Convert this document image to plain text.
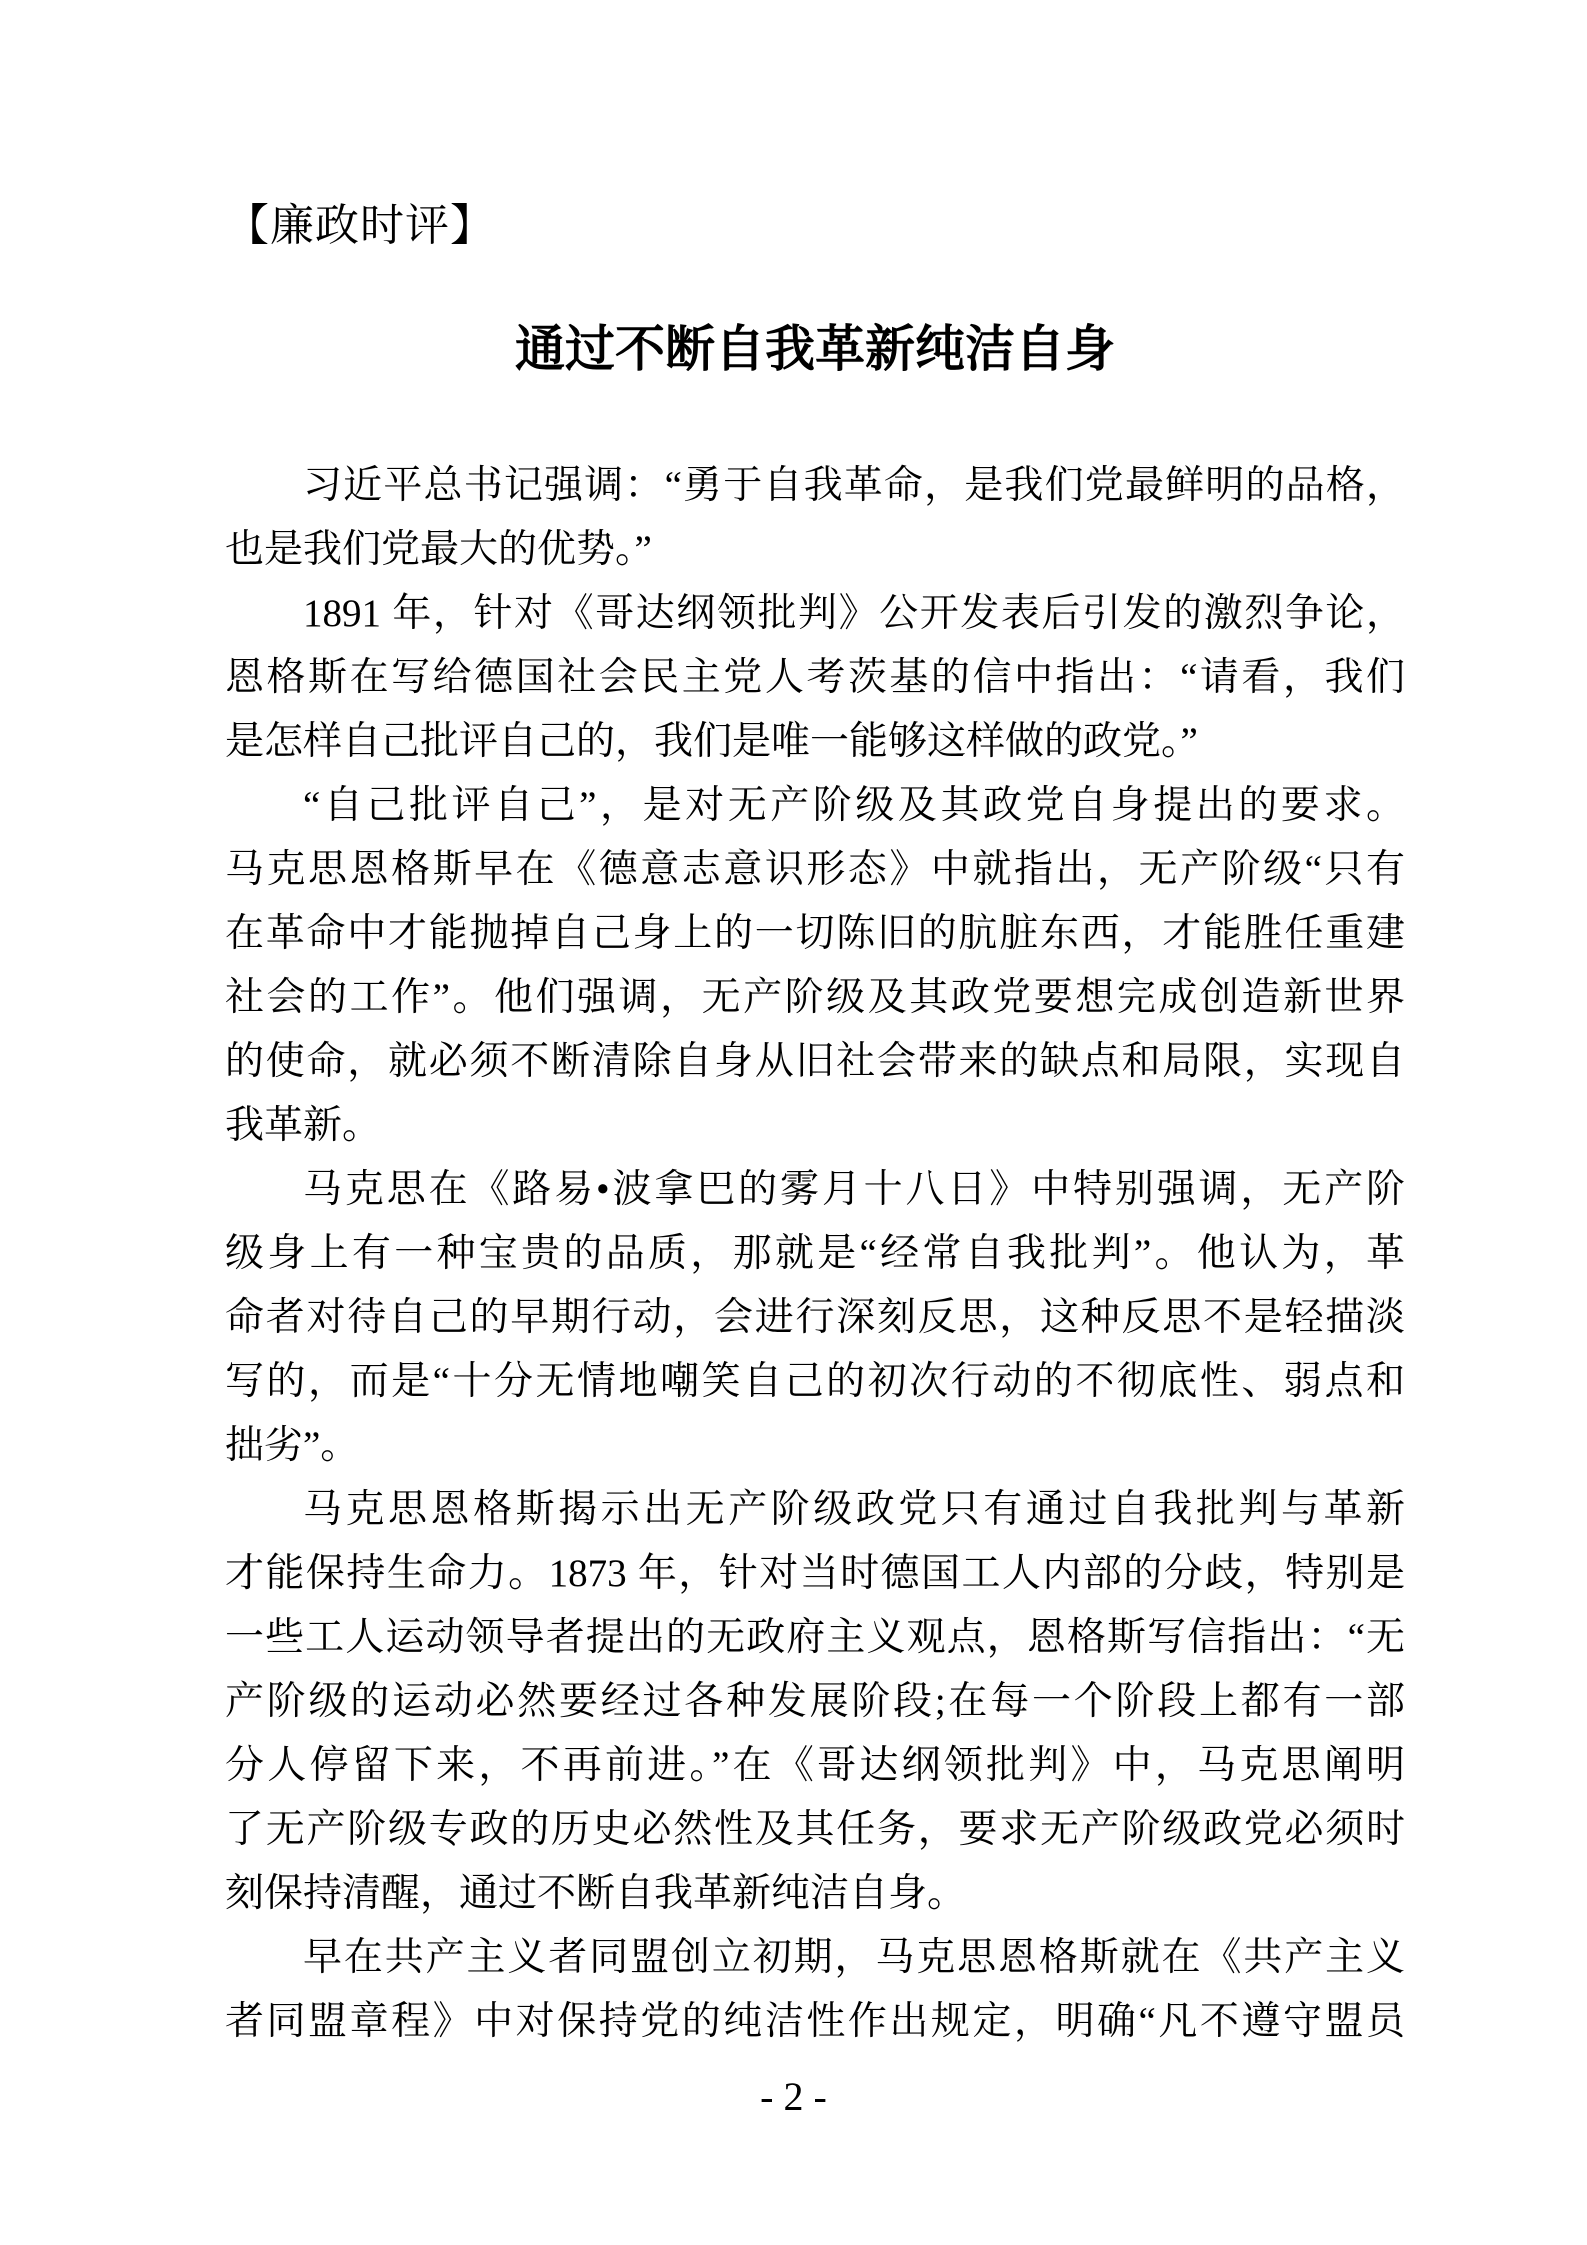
【廉政时评】
通过不断自我革新纯洁自身
习近平总书记强调：“勇于自我革命，是我们党最鲜明的品格，
也是我们党最大的优势。”
1891 年，针对《哥达纲领批判》公开发表后引发的激烈争论，
恩格斯在写给德国社会民主党人考茨基的信中指出：“请看，我们
是怎样自己批评自己的，我们是唯一能够这样做的政党。”
“自己批评自己”，是对无产阶级及其政党自身提出的要求。
马克思恩格斯早在《德意志意识形态》中就指出，无产阶级“只有
在革命中才能抛掉自己身上的一切陈旧的肮脏东西，才能胜任重建
社会的工作”。他们强调，无产阶级及其政党要想完成创造新世界
的使命，就必须不断清除自身从旧社会带来的缺点和局限，实现自
我革新。
马克思在《路易•波拿巴的雾月十八日》中特别强调，无产阶
级身上有一种宝贵的品质，那就是“经常自我批判”。他认为，革
命者对待自己的早期行动，会进行深刻反思，这种反思不是轻描淡
写的，而是“十分无情地嘲笑自己的初次行动的不彻底性、弱点和
拙劣”。
马克思恩格斯揭示出无产阶级政党只有通过自我批判与革新
才能保持生命力。1873 年，针对当时德国工人内部的分歧，特别是
一些工人运动领导者提出的无政府主义观点，恩格斯写信指出：“无
产阶级的运动必然要经过各种发展阶段;在每一个阶段上都有一部
分人停留下来，不再前进。”在《哥达纲领批判》中，马克思阐明
了无产阶级专政的历史必然性及其任务，要求无产阶级政党必须时
刻保持清醒，通过不断自我革新纯洁自身。
早在共产主义者同盟创立初期，马克思恩格斯就在《共产主义
者同盟章程》中对保持党的纯洁性作出规定，明确“凡不遵守盟员
- 2 -
